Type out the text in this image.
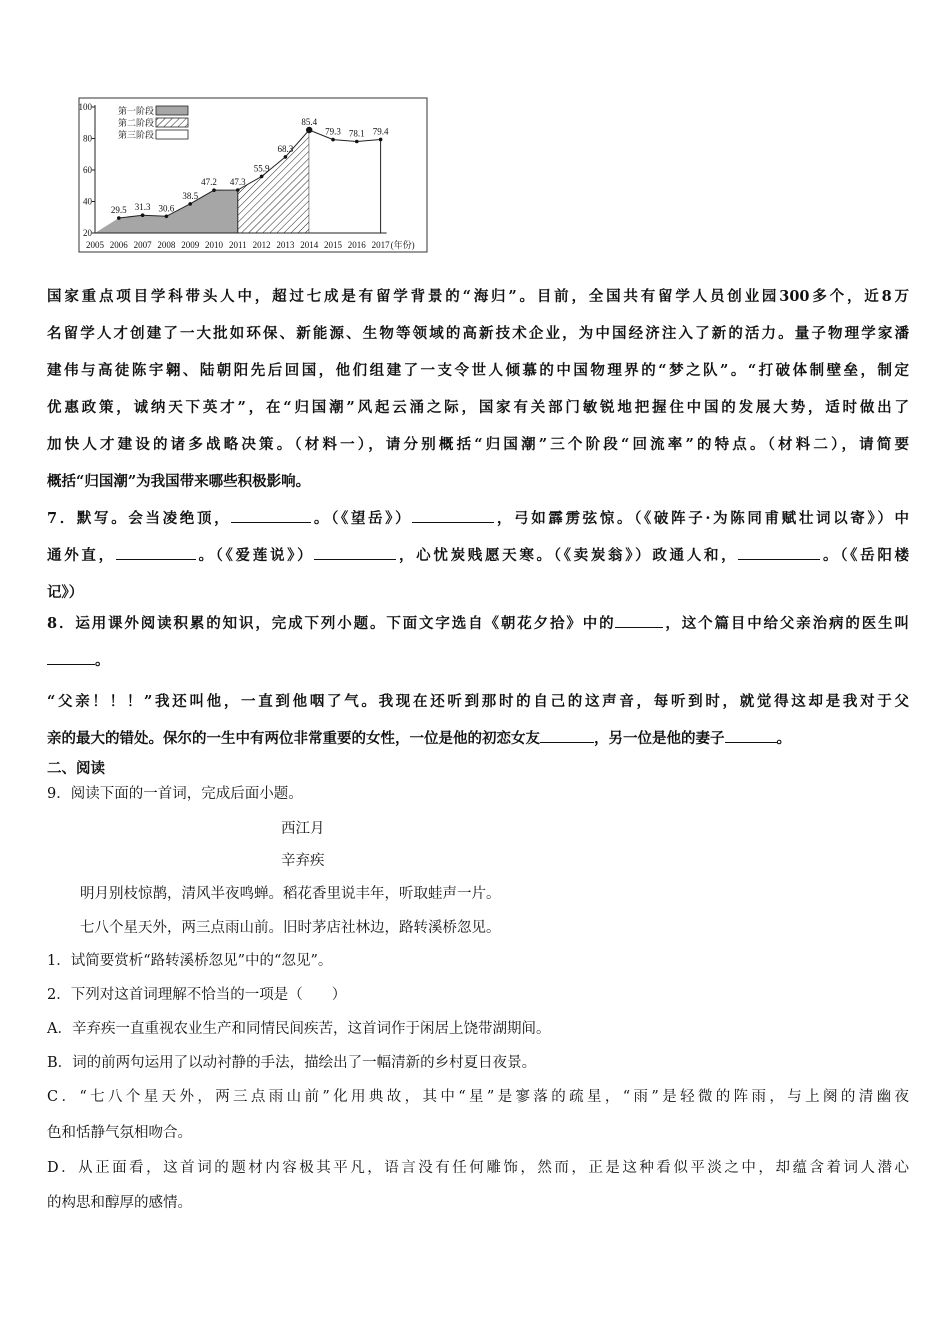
20
40
60
80
100
2005 2006 2007 2008 2009 2010 2011 2012 2013 2014 2015 2016 2017 (年份)
第一阶段
第二阶段
第三阶段
29.5 31.3 30.6
38.5
47.2 47.3
55.9
68.3
85.4
79.3 78.1 79.4
国家重点项目学科带头人中，超过七成是有留学背景的“海归”。目前，全国共有留学人员创业园300多个，近8万
名留学人才创建了一大批如环保、新能源、生物等领域的高新技术企业，为中国经济注入了新的活力。量子物理学家潘
建伟与高徒陈宇翱、陆朝阳先后回国，他们组建了一支令世人倾慕的中国物理界的“梦之队”。“打破体制壁垒，制定
优惠政策，诚纳天下英才”，在“归国潮”风起云涌之际，国家有关部门敏锐地把握住中国的发展大势，适时做出了
加快人才建设的诸多战略决策。（材料一），请分别概括“归国潮”三个阶段“回流率”的特点。（材料二），请简要
概括“归国潮”为我国带来哪些积极影响。
7．默写。会当凌绝顶，	。（《望岳》）	，弓如霹雳弦惊。（《破阵子·为陈同甫赋壮词以寄》）中
通外直，	。（《爱莲说》）	，心忧炭贱愿天寒。（《卖炭翁》）政通人和，	。（《岳阳楼
记》）
8．运用课外阅读积累的知识，完成下列小题。下面文字选自《朝花夕拾》中的	，这个篇目中给父亲治病的医生叫
。
“父亲！！！”我还叫他，一直到他咽了气。我现在还听到那时的自己的这声音，每听到时，就觉得这却是我对于父
亲的最大的错处。保尔的一生中有两位非常重要的女性，一位是他的初恋女友	，另一位是他的妻子	。
二、阅读
9．阅读下面的一首词，完成后面小题。
西江月
辛弃疾
明月别枝惊鹊，清风半夜鸣蝉。稻花香里说丰年，听取蛙声一片。
七八个星天外，两三点雨山前。旧时茅店社林边，路转溪桥忽见。
1．试简要赏析“路转溪桥忽见”中的“忽见”。
2．下列对这首词理解不恰当的一项是（　　）
A．辛弃疾一直重视农业生产和同情民间疾苦，这首词作于闲居上饶带湖期间。
B．词的前两句运用了以动衬静的手法，描绘出了一幅清新的乡村夏日夜景。
C．“七八个星天外，两三点雨山前”化用典故，其中“星”是寥落的疏星，“雨”是轻微的阵雨，与上阕的清幽夜
色和恬静气氛相吻合。
D．从正面看，这首词的题材内容极其平凡，语言没有任何雕饰，然而，正是这种看似平淡之中，却蕴含着词人潜心
的构思和醇厚的感情。
